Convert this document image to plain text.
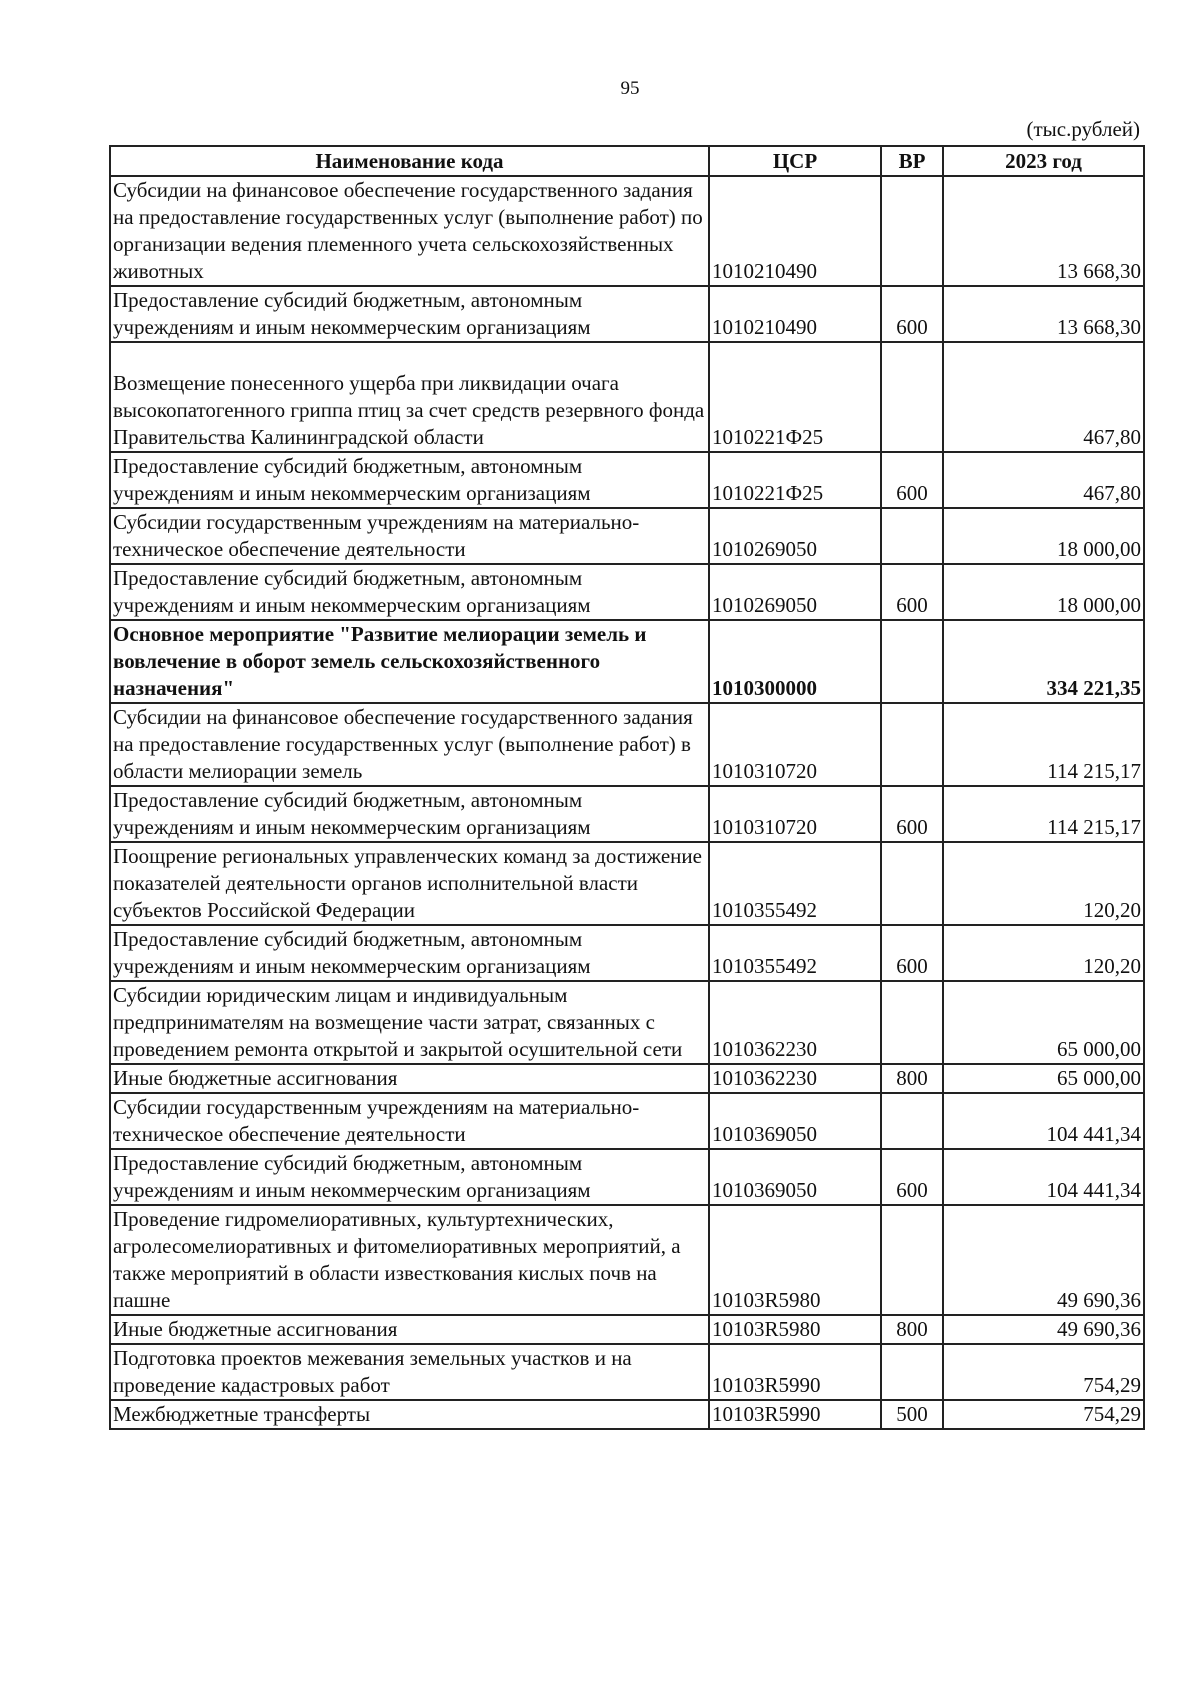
95
(тыс.рублей)
Наименование кода	ЦСР	ВР	2023 год
Субсидии на финансовое обеспечение государственного задания на предоставление государственных услуг (выполнение работ) по организации ведения племенного учета сельскохозяйственных животных	1010210490		13 668,30
Предоставление субсидий бюджетным, автономным учреждениям и иным некоммерческим организациям	1010210490	600	13 668,30
Возмещение понесенного ущерба при ликвидации очага высокопатогенного гриппа птиц за счет средств резервного фонда Правительства Калининградской области	1010221Ф25		467,80
Предоставление субсидий бюджетным, автономным учреждениям и иным некоммерческим организациям	1010221Ф25	600	467,80
Субсидии государственным учреждениям на материально-техническое обеспечение деятельности	1010269050		18 000,00
Предоставление субсидий бюджетным, автономным учреждениям и иным некоммерческим организациям	1010269050	600	18 000,00
Основное мероприятие "Развитие мелиорации земель и вовлечение в оборот земель сельскохозяйственного назначения"	1010300000		334 221,35
Субсидии на финансовое обеспечение государственного задания на предоставление государственных услуг (выполнение работ) в области мелиорации земель	1010310720		114 215,17
Предоставление субсидий бюджетным, автономным учреждениям и иным некоммерческим организациям	1010310720	600	114 215,17
Поощрение региональных управленческих команд за достижение показателей деятельности органов исполнительной власти субъектов Российской Федерации	1010355492		120,20
Предоставление субсидий бюджетным, автономным учреждениям и иным некоммерческим организациям	1010355492	600	120,20
Субсидии юридическим лицам и индивидуальным предпринимателям на возмещение части затрат, связанных с проведением ремонта открытой и закрытой осушительной сети	1010362230		65 000,00
Иные бюджетные ассигнования	1010362230	800	65 000,00
Субсидии государственным учреждениям на материально-техническое обеспечение деятельности	1010369050		104 441,34
Предоставление субсидий бюджетным, автономным учреждениям и иным некоммерческим организациям	1010369050	600	104 441,34
Проведение гидромелиоративных, культуртехнических, агролесомелиоративных и фитомелиоративных мероприятий, а также мероприятий в области известкования кислых почв на пашне	10103R5980		49 690,36
Иные бюджетные ассигнования	10103R5980	800	49 690,36
Подготовка проектов межевания земельных участков и на проведение кадастровых работ	10103R5990		754,29
Межбюджетные трансферты	10103R5990	500	754,29
